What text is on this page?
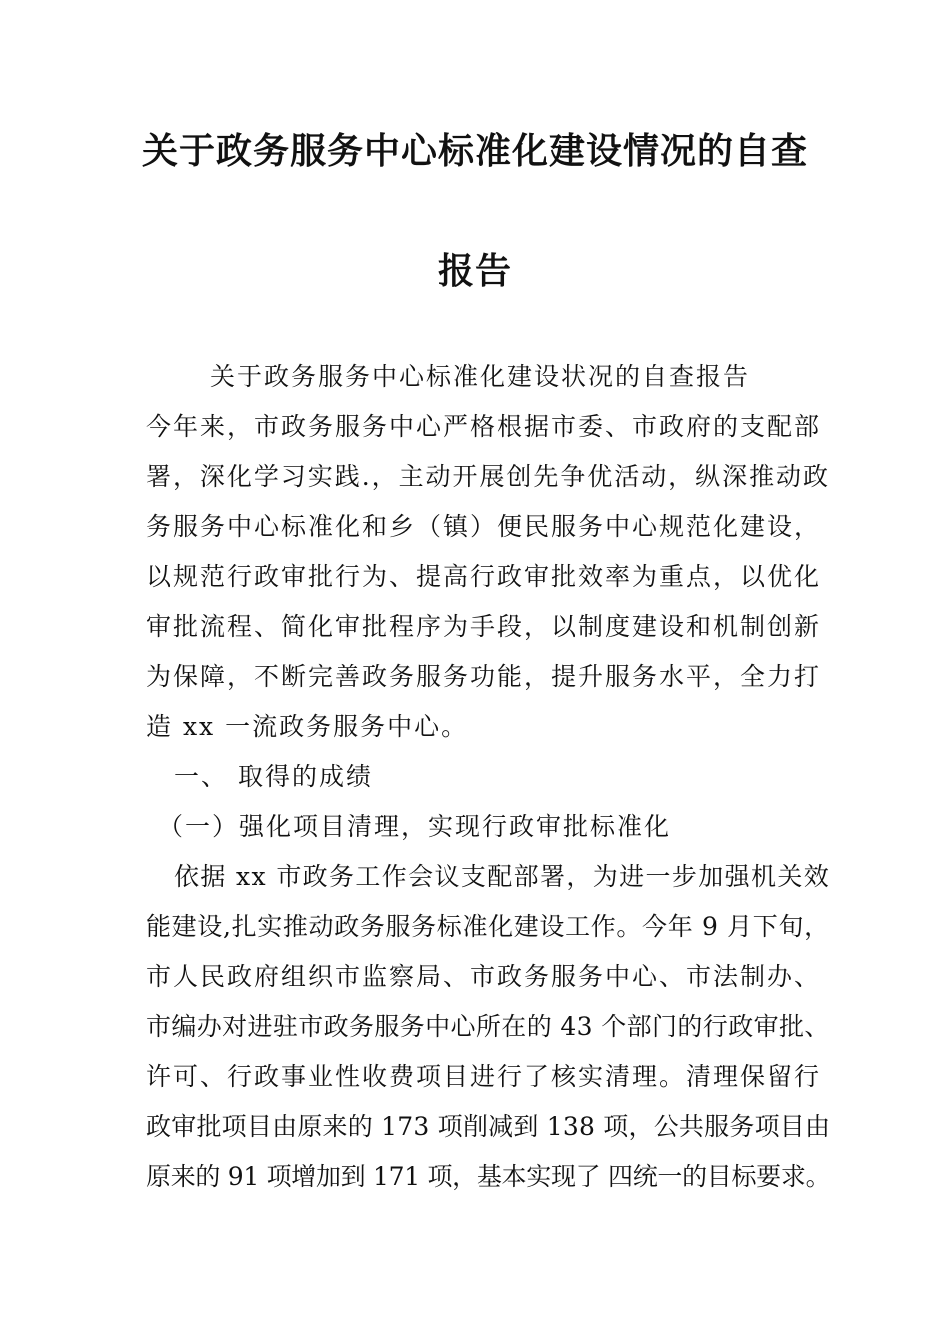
关于政务服务中心标准化建设情况的自查
报告
关于政务服务中心标准化建设状况的自查报告
今年来，市政务服务中心严格根据市委、市政府的支配部
署，深化学习实践.，主动开展创先争优活动，纵深推动政
务服务中心标准化和乡（镇）便民服务中心规范化建设，
以规范行政审批行为、提高行政审批效率为重点，以优化
审批流程、简化审批程序为手段，以制度建设和机制创新
为保障，不断完善政务服务功能，提升服务水平，全力打
造 xx 一流政务服务中心。
一、 取得的成绩
（一）强化项目清理，实现行政审批标准化
依据 xx 市政务工作会议支配部署，为进一步加强机关效
能建设,扎实推动政务服务标准化建设工作。今年 9 月下旬，
市人民政府组织市监察局、市政务服务中心、市法制办、
市编办对进驻市政务服务中心所在的 43 个部门的行政审批、
许可、行政事业性收费项目进行了核实清理。清理保留行
政审批项目由原来的 173 项削减到 138 项，公共服务项目由
原来的 91 项增加到 171 项，基本实现了 四统一的目标要求。
